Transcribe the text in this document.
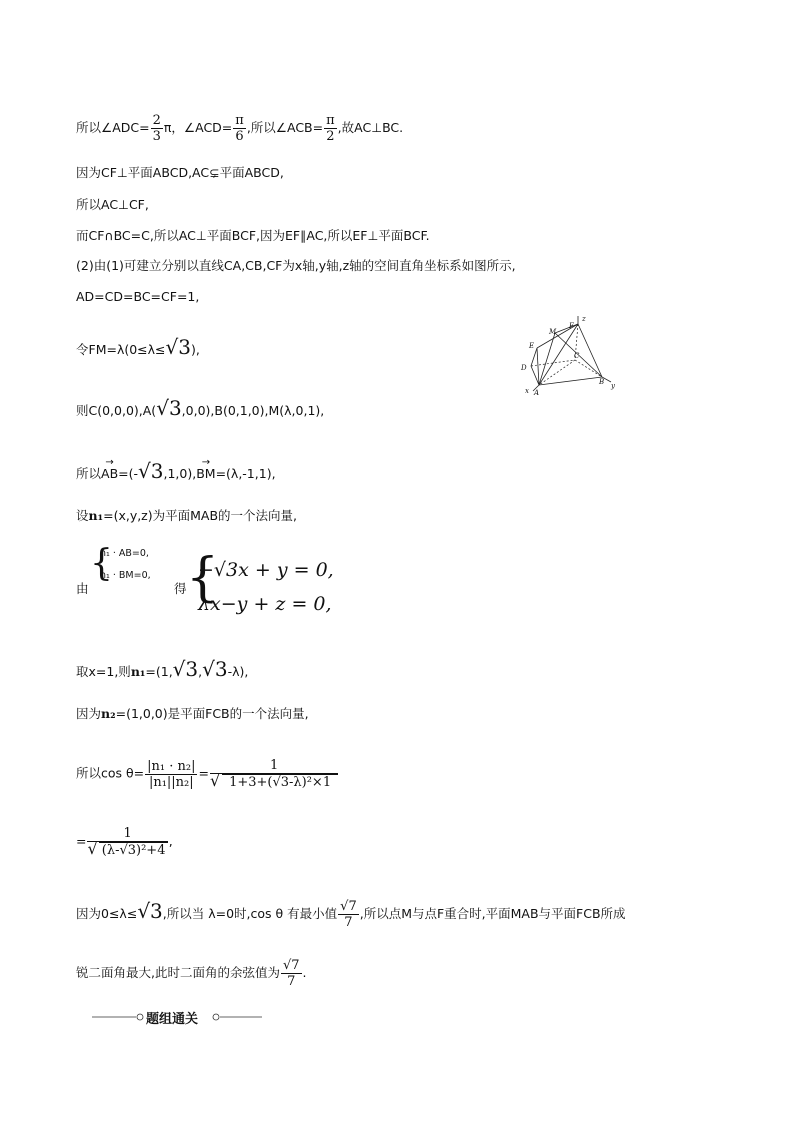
所以∠ADC= $\frac{2}{3}$ π，∠ACD= $\frac{\pi}{6}$ ,所以∠ACB= $\frac{\pi}{2}$ ,故AC⊥BC.
因为CF⊥平面ABCD,AC⊊平面ABCD,
所以AC⊥CF,
而CF∩BC=C,所以AC⊥平面BCF,因为EF∥AC,所以EF⊥平面BCF.
(2)由(1)可建立分别以直线CA,CB,CF为x轴,y轴,z轴的空间直角坐标系如图所示,
AD=CD=BC=CF=1,
令FM=λ(0≤λ≤√3),
则C(0,0,0),A(√3,0,0),B(0,1,0),M(λ,0,1),
所以→ AB=(-√3,1,0),→ BM=(λ,-1,1),
设n₁=(x,y,z)为平面MAB的一个法向量,
由
{
n₁ · AB=0,
n₁ · BM=0,
得 {
−√3x + y = 0,
λx−y + z = 0,
取x=1,则n₁=(1,√3,√3-λ),
因为n₂=(1,0,0)是平面FCB的一个法向量,
所以$\cos \theta= \frac{\text{|n₁ · n₂|}}{\text{|n₁||n₂|}} = 1$
√ 1+3+(√3-λ)²×1
= 1
√ (λ-√3)²+4 ,
因为0≤λ≤√3,所以当 λ=0时,cos θ 有最小值 $\frac{√7}{7}$ ,所以点M与点F重合时,平面MAB与平面FCB所成
锐二面角最大,此时二面角的余弦值为 $\frac{√7}{7}$ .
题组通关
z
F
M
E
C
D
B y
x A
